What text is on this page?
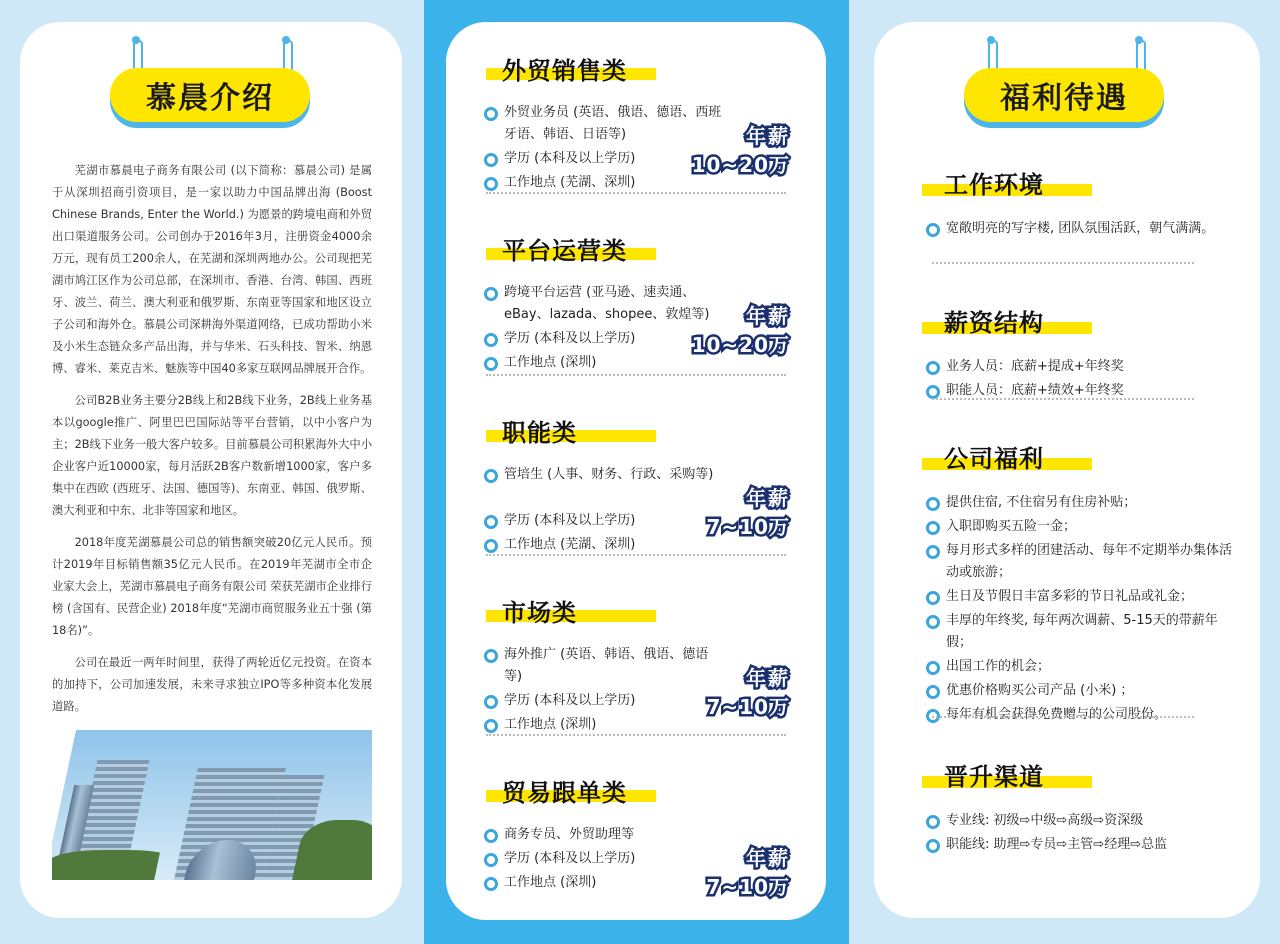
慕晨介绍

芜湖市慕晨电子商务有限公司 (以下简称：慕晨公司) 是属于从深圳招商引资项目，是一家以助力中国品牌出海 (Boost Chinese Brands, Enter the World.) 为愿景的跨境电商和外贸出口渠道服务公司。公司创办于2016年3月，注册资金4000余万元，现有员工200余人，在芜湖和深圳两地办公。公司现把芜湖市鸠江区作为公司总部，在深圳市、香港、台湾、韩国、西班牙、波兰、荷兰、澳大利亚和俄罗斯、东南亚等国家和地区设立子公司和海外仓。慕晨公司深耕海外渠道网络，已成功帮助小米及小米生态链众多产品出海，并与华米、石头科技、智米、纳恩博、睿米、莱克吉米、魅族等中国40多家互联网品牌展开合作。

公司B2B业务主要分2B线上和2B线下业务，2B线上业务基本以google推广、阿里巴巴国际站等平台营销，以中小客户为主；2B线下业务一般大客户较多。目前慕晨公司积累海外大中小企业客户近10000家，每月活跃2B客户数新增1000家，客户多集中在西欧 (西班牙、法国、德国等)、东南亚、韩国、俄罗斯、澳大利亚和中东、北非等国家和地区。

2018年度芜湖慕晨公司总的销售额突破20亿元人民币。预计2019年目标销售额35亿元人民币。在2019年芜湖市全市企业家大会上，芜湖市慕晨电子商务有限公司 荣获芜湖市企业排行榜 (含国有、民营企业) 2018年度“芜湖市商贸服务业五十强 (第18名)”。

公司在最近一两年时间里，获得了两轮近亿元投资。在资本的加持下，公司加速发展，未来寻求独立IPO等多种资本化发展道路。

外贸销售类
外贸业务员 (英语、俄语、德语、西班牙语、韩语、日语等)
学历 (本科及以上学历)
工作地点 (芜湖、深圳)
年薪
10~20万
平台运营类
跨境平台运营 (亚马逊、速卖通、eBay、lazada、shopee、敦煌等)
学历 (本科及以上学历)
工作地点 (深圳)
年薪
10~20万
职能类
管培生 (人事、财务、行政、采购等)
学历 (本科及以上学历)
工作地点 (芜湖、深圳)
年薪
7~10万
市场类
海外推广 (英语、韩语、俄语、德语等)
学历 (本科及以上学历)
工作地点 (深圳)
年薪
7~10万
贸易跟单类
商务专员、外贸助理等
学历 (本科及以上学历)
工作地点 (深圳)
年薪
7~10万
福利待遇
工作环境
宽敞明亮的写字楼, 团队氛围活跃，朝气满满。
薪资结构
业务人员：底薪+提成+年终奖
职能人员：底薪+绩效+年终奖
公司福利
提供住宿, 不住宿另有住房补贴；
入职即购买五险一金；
每月形式多样的团建活动、每年不定期举办集体活动或旅游；
生日及节假日丰富多彩的节日礼品或礼金；
丰厚的年终奖, 每年两次调薪、5-15天的带薪年假；
出国工作的机会；
优惠价格购买公司产品 (小米) ；
每年有机会获得免费赠与的公司股份。
晋升渠道
专业线: 初级⇨中级⇨高级⇨资深级
职能线: 助理⇨专员⇨主管⇨经理⇨总监
